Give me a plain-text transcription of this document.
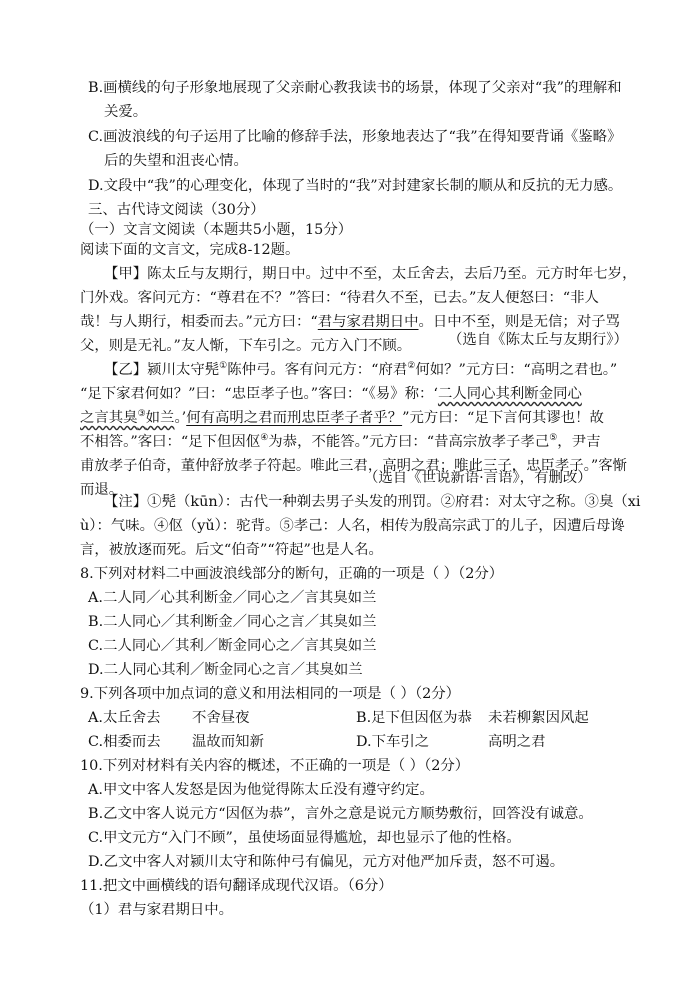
B.画横线的句子形象地展现了父亲耐心教我读书的场景，体现了父亲对“我”的理解和
关爱。
C.画波浪线的句子运用了比喻的修辞手法，形象地表达了“我”在得知要背诵《鉴略》
后的失望和沮丧心情。
D.文段中“我”的心理变化，体现了当时的“我”对封建家长制的顺从和反抗的无力感。
三、古代诗文阅读（30分）
（一）文言文阅读（本题共5小题，15分）
阅读下面的文言文，完成8-12题。
【甲】陈太丘与友期行，期日中。过中不至，太丘舍去，去后乃至。元方时年七岁，
门外戏。客问元方：“尊君在不？”答曰：“待君久不至，已去。”友人便怒曰：“非人
哉！与人期行，相委而去。”元方曰：“君与家君期日中。日中不至，则是无信；对子骂
父，则是无礼。”友人惭，下车引之。元方入门不顾。	（选自《陈太丘与友期行》）
【乙】颍川太守髡①陈仲弓。客有问元方：“府君②何如？”元方曰：“高明之君也。”
“足下家君何如？”曰：“忠臣孝子也。”客曰：“《易》称：‘二人同心其利断金同心
之言其臭③如兰。’何有高明之君而刑忠臣孝子者乎？”元方曰：“足下言何其谬也！故
不相答。”客曰：“足下但因伛④为恭，不能答。”元方曰：“昔高宗放孝子孝己⑤，尹吉
甫放孝子伯奇，董仲舒放孝子符起。唯此三君，高明之君；唯此三子，忠臣孝子。”客惭
而退。
（选自《世说新语·言语》，有删改）
【注】①髡（kūn）：古代一种剃去男子头发的刑罚。②府君：对太守之称。③臭（xi
ù）：气味。④伛（yǔ）：驼背。⑤孝己：人名，相传为殷高宗武丁的儿子，因遭后母谗
言，被放逐而死。后文“伯奇”“符起”也是人名。
8.下列对材料二中画波浪线部分的断句，正确的一项是（ ）（2分）
A.二人同／心其利断金／同心之／言其臭如兰
B.二人同心／其利断金／同心之言／其臭如兰
C.二人同心／其利／断金同心之／言其臭如兰
D.二人同心其利／断金同心之言／其臭如兰
9.下列各项中加点词的意义和用法相同的一项是（ ）（2分）
A.太丘舍去 不舍昼夜	B.足下但因伛为恭 未若柳絮因风起
C.相委而去 温故而知新	D.下车引之	高明之君
10.下列对材料有关内容的概述，不正确的一项是（ ）（2分）
A.甲文中客人发怒是因为他觉得陈太丘没有遵守约定。
B.乙文中客人说元方“因伛为恭”，言外之意是说元方顺势敷衍，回答没有诚意。
C.甲文元方“入门不顾”，虽使场面显得尴尬，却也显示了他的性格。
D.乙文中客人对颍川太守和陈仲弓有偏见，元方对他严加斥责，怒不可遏。
11.把文中画横线的语句翻译成现代汉语。（6分）
（1）君与家君期日中。
